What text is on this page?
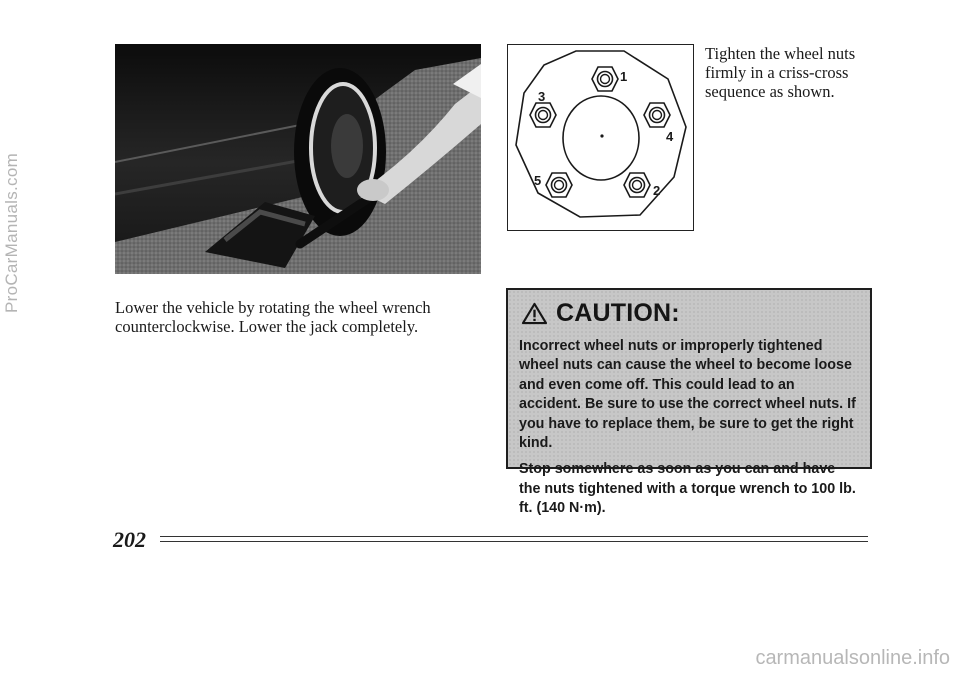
ProCarManuals.com	Lower the vehicle by rotating the wheel wrench counterclockwise. Lower the jack completely.
1
2
3
4
5
Tighten the wheel nuts firmly in a criss-cross sequence as shown.
CAUTION:

Incorrect wheel nuts or improperly tightened wheel nuts can cause the wheel to become loose and even come off. This could lead to an accident. Be sure to use the correct wheel nuts. If you have to replace them, be sure to get the right kind.

Stop somewhere as soon as you can and have the nuts tightened with a torque wrench to 100 lb. ft. (140 N·m).

202
carmanualsonline.info
